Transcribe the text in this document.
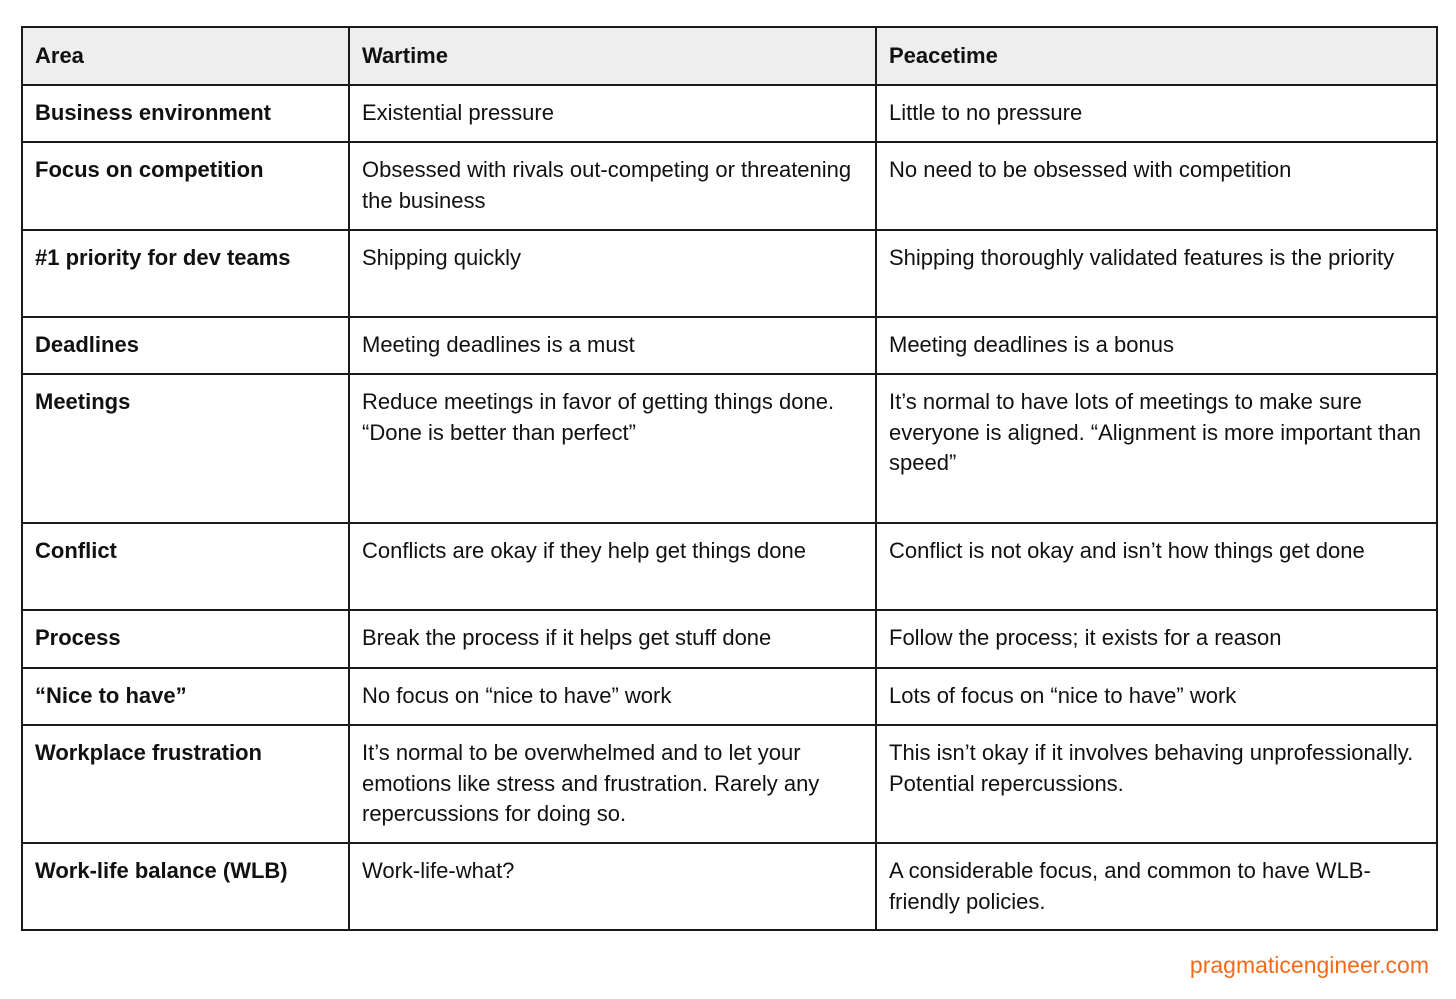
Area	Wartime	Peacetime
Business environment	Existential pressure	Little to no pressure
Focus on competition	Obsessed with rivals out-competing or threatening the business	No need to be obsessed with competition
#1 priority for dev teams	Shipping quickly	Shipping thoroughly validated features is the priority
Deadlines	Meeting deadlines is a must	Meeting deadlines is a bonus
Meetings	Reduce meetings in favor of getting things done. “Done is better than perfect”	It’s normal to have lots of meetings to make sure everyone is aligned. “Alignment is more important than speed”
Conflict	Conflicts are okay if they help get things done	Conflict is not okay and isn’t how things get done
Process	Break the process if it helps get stuff done	Follow the process; it exists for a reason
“Nice to have”	No focus on “nice to have” work	Lots of focus on “nice to have” work
Workplace frustration	It’s normal to be overwhelmed and to let your emotions like stress and frustration. Rarely any repercussions for doing so.	This isn’t okay if it involves behaving unprofessionally. Potential repercussions.
Work-life balance (WLB)	Work-life-what?	A considerable focus, and common to have WLB-friendly policies.
pragmaticengineer.com
